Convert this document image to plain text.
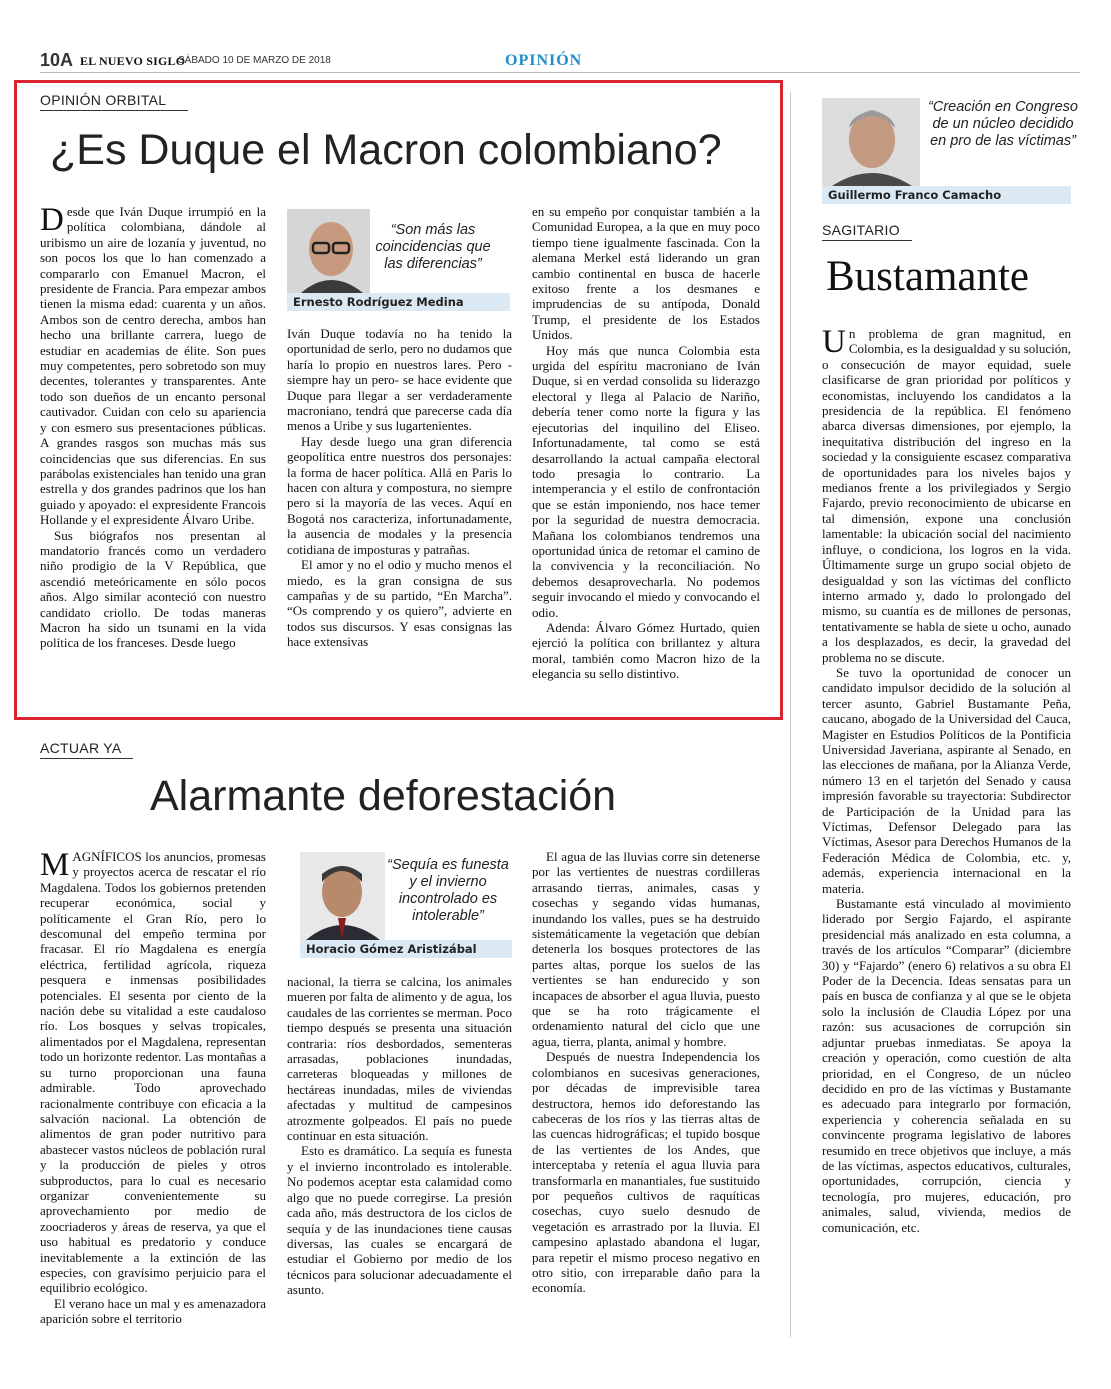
10A EL NUEVO SIGLO
SÁBADO 10 DE MARZO DE 2018	OPINIÓN
OPINIÓN ORBITAL
¿Es Duque el Macron colombiano?

Desde que Iván Duque irrumpió en la política colombiana, dándole al uribismo un aire de lozanía y juventud, no son pocos los que lo han comenzado a compararlo con Emanuel Macron, el presidente de Francia. Para empezar ambos tienen la misma edad: cuarenta y un años. Ambos son de centro derecha, ambos han hecho una brillante carrera, luego de estudiar en academias de élite. Son pues muy competentes, pero sobretodo son muy decentes, tolerantes y transparentes. Ante todo son dueños de un encanto personal cautivador. Cuidan con celo su apariencia y con esmero sus presentaciones públicas. A grandes rasgos son muchas más sus coincidencias que sus diferencias. En sus parábolas existenciales han tenido una gran estrella y dos grandes padrinos que los han guiado y apoyado: el expresidente Francois Hollande y el expresidente Álvaro Uribe.

Sus biógrafos nos presentan al mandatorio francés como un verdadero niño prodigio de la V República, que ascendió meteóricamente en sólo pocos años. Algo similar aconteció con nuestro candidato criollo. De todas maneras Macron ha sido un tsunami en la vida política de los franceses. Desde luego

“Son más las coincidencias que las diferencias”
Ernesto Rodríguez Medina

Iván Duque todavía no ha tenido la oportunidad de serlo, pero no dudamos que haría lo propio en nuestros lares. Pero -siempre hay un pero- se hace evidente que Duque para llegar a ser verdaderamente macroniano, tendrá que parecerse cada día menos a Uribe y sus lugartenientes.

Hay desde luego una gran diferencia geopolítica entre nuestros dos personajes: la forma de hacer política. Allá en Paris lo hacen con altura y compostura, no siempre pero si la mayoría de las veces. Aquí en Bogotá nos caracteriza, infortunadamente, la ausencia de modales y la presencia cotidiana de imposturas y patrañas.

El amor y no el odio y mucho menos el miedo, es la gran consigna de sus campañas y de su partido, “En Marcha”. “Os comprendo y os quiero”, advierte en todos sus discursos. Y esas consignas las hace extensivas

en su empeño por conquistar también a la Comunidad Europea, a la que en muy poco tiempo tiene igualmente fascinada. Con la alemana Merkel está liderando un gran cambio continental en busca de hacerle exitoso frente a los desmanes e imprudencias de su antípoda, Donald Trump, el presidente de los Estados Unidos.

Hoy más que nunca Colombia esta urgida del espíritu macroniano de Iván Duque, si en verdad consolida su liderazgo electoral y llega al Palacio de Nariño, debería tener como norte la figura y las ejecutorias del inquilino del Eliseo. Infortunadamente, tal como se está desarrollando la actual campaña electoral todo presagia lo contrario. La intemperancia y el estilo de confrontación que se están imponiendo, nos hace temer por la seguridad de nuestra democracia. Mañana los colombianos tendremos una oportunidad única de retomar el camino de la convivencia y la reconciliación. No debemos desaprovecharla. No podemos seguir invocando el miedo y convocando el odio.

Adenda: Álvaro Gómez Hurtado, quien ejerció la política con brillantez y altura moral, también como Macron hizo de la elegancia su sello distintivo.

ACTUAR YA
Alarmante deforestación

MAGNÍFICOS los anuncios, promesas y proyectos acerca de rescatar el río Magdalena. Todos los gobiernos pretenden recuperar económica, social y políticamente el Gran Río, pero lo descomunal del empeño termina por fracasar. El río Magdalena es energía eléctrica, fertilidad agrícola, riqueza pesquera e inmensas posibilidades potenciales. El sesenta por ciento de la nación debe su vitalidad a este caudaloso río. Los bosques y selvas tropicales, alimentados por el Magdalena, representan todo un horizonte redentor. Las montañas a su turno proporcionan una fauna admirable. Todo aprovechado racionalmente contribuye con eficacia a la salvación nacional. La obtención de alimentos de gran poder nutritivo para abastecer vastos núcleos de población rural y la producción de pieles y otros subproductos, para lo cual es necesario organizar convenientemente su aprovechamiento por medio de zoocriaderos y áreas de reserva, ya que el uso habitual es predatorio y conduce inevitablemente a la extinción de las especies, con gravísimo perjuicio para el equilibrio ecológico.

El verano hace un mal y es amenazadora aparición sobre el territorio

“Sequía es funesta y el invierno incontrolado es intolerable”
Horacio Gómez Aristizábal

nacional, la tierra se calcina, los animales mueren por falta de alimento y de agua, los caudales de las corrientes se merman. Poco tiempo después se presenta una situación contraria: ríos desbordados, sementeras arrasadas, poblaciones inundadas, carreteras bloqueadas y millones de hectáreas inundadas, miles de viviendas afectadas y multitud de campesinos atrozmente golpeados. El país no puede continuar en esta situación.

Esto es dramático. La sequía es funesta y el invierno incontrolado es intolerable. No podemos aceptar esta calamidad como algo que no puede corregirse. La presión cada año, más destructora de los ciclos de sequía y de las inundaciones tiene causas diversas, las cuales se encargará de estudiar el Gobierno por medio de los técnicos para solucionar adecuadamente el asunto.

El agua de las lluvias corre sin detenerse por las vertientes de nuestras cordilleras arrasando tierras, animales, casas y cosechas y segando vidas humanas, inundando los valles, pues se ha destruido sistemáticamente la vegetación que debían detenerla los bosques protectores de las partes altas, porque los suelos de las vertientes se han endurecido y son incapaces de absorber el agua lluvia, puesto que se ha roto trágicamente el ordenamiento natural del ciclo que une agua, tierra, planta, animal y hombre.

Después de nuestra Independencia los colombianos en sucesivas generaciones, por décadas de imprevisible tarea destructora, hemos ido deforestando las cabeceras de los ríos y las tierras altas de las cuencas hidrográficas; el tupido bosque de las vertientes de los Andes, que interceptaba y retenía el agua lluvia para transformarla en manantiales, fue sustituido por pequeños cultivos de raquíticas cosechas, cuyo suelo desnudo de vegetación es arrastrado por la lluvia. El campesino aplastado abandona el lugar, para repetir el mismo proceso negativo en otro sitio, con irreparable daño para la economía.

“Creación en Congreso de un núcleo decidido en pro de las víctimas”
Guillermo Franco Camacho
SAGITARIO
Bustamante

Un problema de gran magnitud, en Colombia, es la desigualdad y su solución, o consecución de mayor equidad, suele clasificarse de gran prioridad por políticos y economistas, incluyendo los candidatos a la presidencia de la república. El fenómeno abarca diversas dimensiones, por ejemplo, la inequitativa distribución del ingreso en la sociedad y la consiguiente escasez comparativa de oportunidades para los niveles bajos y medianos frente a los privilegiados y Sergio Fajardo, previo reconocimiento de ubicarse en tal dimensión, expone una conclusión lamentable: la ubicación social del nacimiento influye, o condiciona, los logros en la vida. Últimamente surge un grupo social objeto de desigualdad y son las víctimas del conflicto interno armado y, dado lo prolongado del mismo, su cuantía es de millones de personas, tentativamente se habla de siete u ocho, aunado a los desplazados, es decir, la gravedad del problema no se discute.

Se tuvo la oportunidad de conocer un candidato impulsor decidido de la solución al tercer asunto, Gabriel Bustamante Peña, caucano, abogado de la Universidad del Cauca, Magister en Estudios Políticos de la Pontificia Universidad Javeriana, aspirante al Senado, en las elecciones de mañana, por la Alianza Verde, número 13 en el tarjetón del Senado y causa impresión favorable su trayectoria: Subdirector de Participación de la Unidad para las Víctimas, Defensor Delegado para las Víctimas, Asesor para Derechos Humanos de la Federación Médica de Colombia, etc. y, además, experiencia internacional en la materia.

Bustamante está vinculado al movimiento liderado por Sergio Fajardo, el aspirante presidencial más analizado en esta columna, a través de los artículos “Comparar” (diciembre 30) y “Fajardo” (enero 6) relativos a su obra El Poder de la Decencia. Ideas sensatas para un país en busca de confianza y al que se le objeta solo la inclusión de Claudia López por una razón: sus acusaciones de corrupción sin adjuntar pruebas inmediatas. Se apoya la creación y operación, como cuestión de alta prioridad, en el Congreso, de un núcleo decidido en pro de las víctimas y Bustamante es adecuado para integrarlo por formación, experiencia y coherencia señalada en su convincente programa legislativo de labores resumido en trece objetivos que incluye, a más de las víctimas, aspectos educativos, culturales, oportunidades, corrupción, ciencia y tecnología, pro mujeres, educación, pro animales, salud, vivienda, medios de comunicación, etc.
